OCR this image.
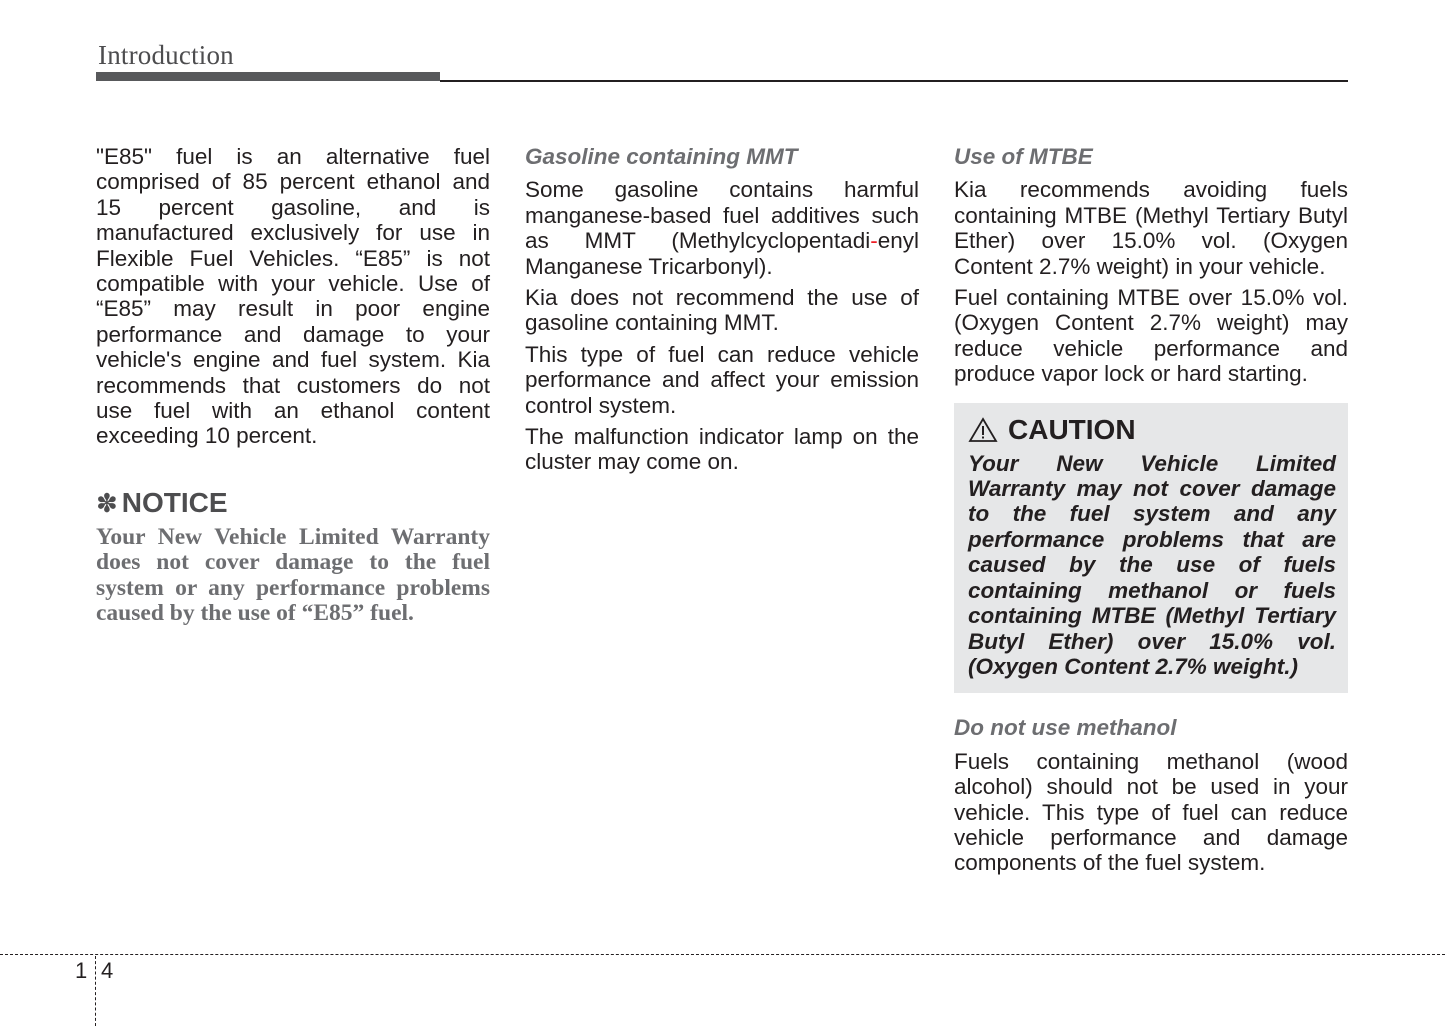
Introduction

"E85" fuel is an alternative fuel comprised of 85 percent ethanol and 15 percent gasoline, and is manufactured exclusively for use in Flexible Fuel Vehicles. “E85” is not compatible with your vehicle. Use of “E85” may result in poor engine performance and damage to your vehicle's engine and fuel system. Kia recommends that customers do not use fuel with an ethanol content exceeding 10 percent.

✽ NOTICE

Your New Vehicle Limited Warranty does not cover damage to the fuel system or any performance problems caused by the use of “E85” fuel.

Gasoline containing MMT

Some gasoline contains harmful manganese-based fuel additives such as MMT (Methylcyclopentadi-enyl Manganese Tricarbonyl).

Kia does not recommend the use of gasoline containing MMT.

This type of fuel can reduce vehicle performance and affect your emission control system.

The malfunction indicator lamp on the cluster may come on.

Use of MTBE

Kia recommends avoiding fuels containing MTBE (Methyl Tertiary Butyl Ether) over 15.0% vol. (Oxygen Content 2.7% weight) in your vehicle.

Fuel containing MTBE over 15.0% vol. (Oxygen Content 2.7% weight) may reduce vehicle performance and produce vapor lock or hard starting.

CAUTION

Your New Vehicle Limited Warranty may not cover damage to the fuel system and any performance problems that are caused by the use of fuels containing methanol or fuels containing MTBE (Methyl Tertiary Butyl Ether) over 15.0% vol. (Oxygen Content 2.7% weight.)

Do not use methanol

Fuels containing methanol (wood alcohol) should not be used in your vehicle. This type of fuel can reduce vehicle performance and damage components of the fuel system.

1 4
